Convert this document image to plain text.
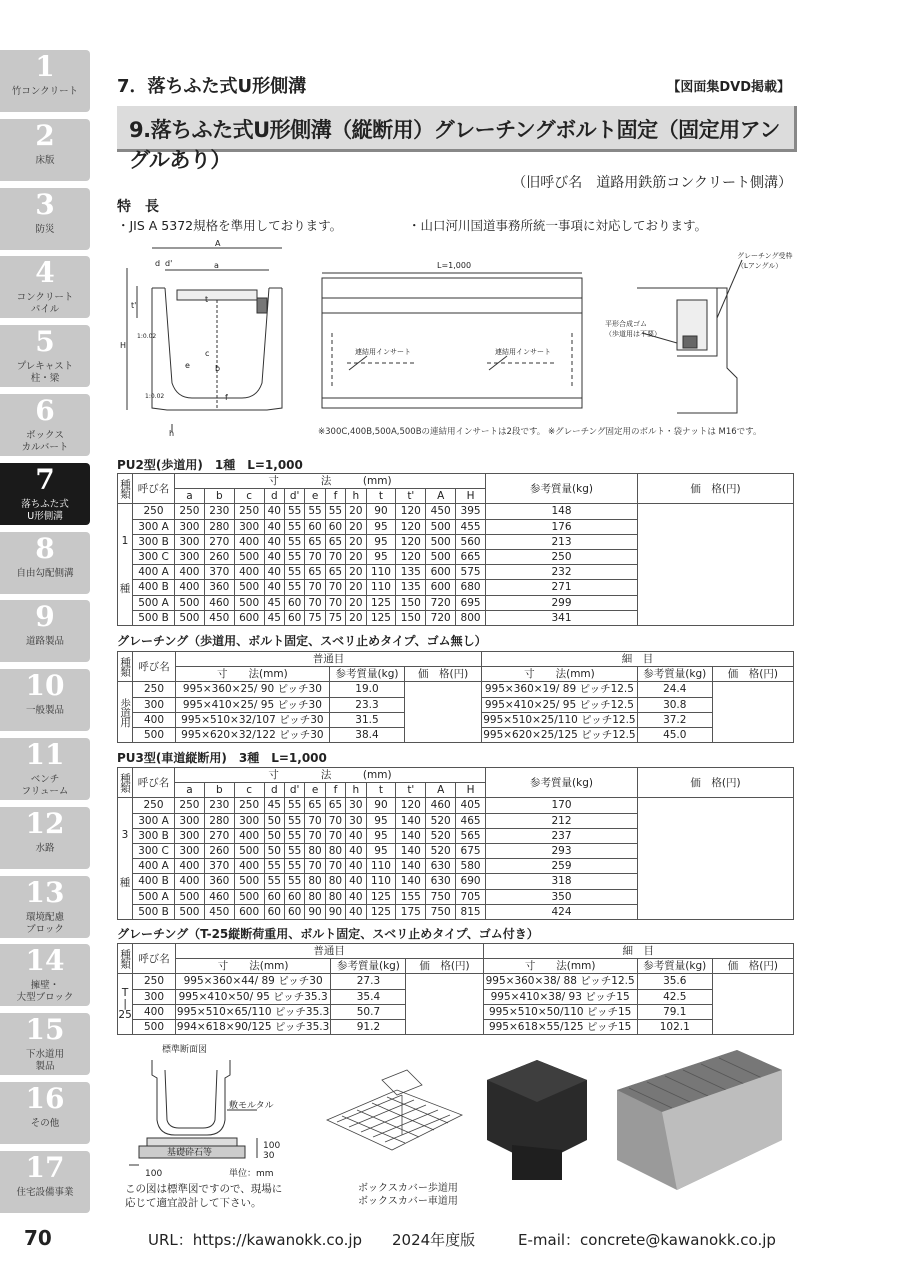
1
竹コンクリート
2
床版
3
防災
4
コンクリート
パイル
5
プレキャスト
柱・梁
6
ボックス
カルバート
7
落ちふた式
U形側溝
8
自由勾配側溝
9
道路製品
10
一般製品
11
ベンチ
フリューム
12
水路
13
環境配慮
ブロック
14
擁壁・
大型ブロック
15
下水道用
製品
16
その他
17
住宅設備事業
7．落ちふた式U形側溝	【図面集DVD掲載】
9.落ちふた式U形側溝（縦断用）グレーチングボルト固定（固定用アングルあり）
（旧呼び名　道路用鉄筋コンクリート側溝）
特長
・JIS A 5372規格を準用しております。	・山口河川国道事務所統一事項に対応しております。
A
a
H
t'
t
c
b
d d'
e
f
h
1:0.02
1:0.02
L=1,000
連結用インサート	連結用インサート
グレーチング受枠
（Lアングル）
平形合成ゴム
（歩道用は不要）
※300C,400B,500A,500Bの連結用インサートは2段です。 ※グレーチング固定用のボルト・袋ナットは M16です。
PU2型(歩道用)　1種　L=1,000
種類	呼び名	寸　　　　法　　　(mm)												参考質量(kg)	価　格(円)
		a	b	c	d	d'	e	f	h	t	t'	A	H		
1

種	250	250	230	250	40	55	55	55	20	90	120	450	395	148	
	300 A	300	280	300	40	55	60	60	20	95	120	500	455	176	
	300 B	300	270	400	40	55	65	65	20	95	120	500	560	213	
	300 C	300	260	500	40	55	70	70	20	95	120	500	665	250	
	400 A	400	370	400	40	55	65	65	20	110	135	600	575	232	
	400 B	400	360	500	40	55	70	70	20	110	135	600	680	271	
	500 A	500	460	500	45	60	70	70	20	125	150	720	695	299	
	500 B	500	450	600	45	60	75	75	20	125	150	720	800	341	
グレーチング（歩道用、ボルト固定、スベリ止めタイプ、ゴム無し）
種類	呼び名	普通目			細　目		
		寸　　法(mm)	参考質量(kg)	価　格(円)	寸　　法(mm)	参考質量(kg)	価　格(円)
歩道用	250	995×360×25/ 90 ピッチ30	19.0		995×360×19/ 89 ピッチ12.5	24.4	
	300	995×410×25/ 95 ピッチ30	23.3		995×410×25/ 95 ピッチ12.5	30.8	
	400	995×510×32/107 ピッチ30	31.5		995×510×25/110 ピッチ12.5	37.2	
	500	995×620×32/122 ピッチ30	38.4		995×620×25/125 ピッチ12.5	45.0	
PU3型(車道縦断用)　3種　L=1,000
種類	呼び名	寸　　　　法　　　(mm)												参考質量(kg)	価　格(円)
		a	b	c	d	d'	e	f	h	t	t'	A	H		
3

種	250	250	230	250	45	55	65	65	30	90	120	460	405	170	
	300 A	300	280	300	50	55	70	70	30	95	140	520	465	212	
	300 B	300	270	400	50	55	70	70	40	95	140	520	565	237	
	300 C	300	260	500	50	55	80	80	40	95	140	520	675	293	
	400 A	400	370	400	55	55	70	70	40	110	140	630	580	259	
	400 B	400	360	500	55	55	80	80	40	110	140	630	690	318	
	500 A	500	460	500	60	60	80	80	40	125	155	750	705	350	
	500 B	500	450	600	60	60	90	90	40	125	175	750	815	424	
グレーチング（T-25縦断荷重用、ボルト固定、スベリ止めタイプ、ゴム付き）
種類	呼び名	普通目			細　目		
		寸　　法(mm)	参考質量(kg)	価　格(円)	寸　　法(mm)	参考質量(kg)	価　格(円)
T
|
25	250	995×360×44/ 89 ピッチ30	27.3		995×360×38/ 88 ピッチ12.5	35.6	
	300	995×410×50/ 95 ピッチ35.3	35.4		995×410×38/ 93 ピッチ15	42.5	
	400	995×510×65/110 ピッチ35.3	50.7		995×510×50/110 ピッチ15	79.1	
	500	994×618×90/125 ピッチ35.3	91.2		995×618×55/125 ピッチ15	102.1	
標準断面図
敷モルタル
基礎砕石等
100
100
30
単位：mm
この図は標準図ですので、現場に
応じて適宜設計して下さい。
ボックスカバー歩道用
ボックスカバー車道用
70	URL：https://kawanokk.co.jp 2024年度版	E-mail：concrete@kawanokk.co.jp
